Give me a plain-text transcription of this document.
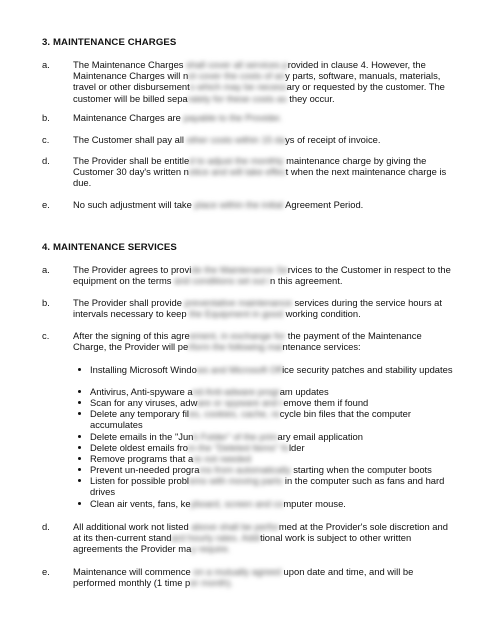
3. MAINTENANCE CHARGES
a. The Maintenance Charges shall cover all services provided in clause 4. However, the Maintenance Charges will not cover the costs of any parts, software, manuals, materials, travel or other disbursements which may be necessary or requested by the customer. The customer will be billed separately for these costs as they occur.
b. Maintenance Charges are payable to the Provider.
c.	The Customer shall pay all other costs within 15 days of receipt of invoice.
d. The Provider shall be entitled to adjust the monthly maintenance charge by giving the Customer 30 day's written notice and will take effect when the next maintenance charge is due.
e. No such adjustment will take place within the initial Agreement Period.
4. MAINTENANCE SERVICES
a. The Provider agrees to provide the Maintenance Services to the Customer in respect to the equipment on the terms and conditions set out in this agreement.
b. The Provider shall provide preventative maintenance services during the service hours at intervals necessary to keep the Equipment in good working condition.
c.	After the signing of this agreement, in exchange for the payment of the Maintenance Charge, the Provider will perform the following maintenance services:
Installing Microsoft Windows and Microsoft Office security patches and stability updates
Antivirus, Anti-spyware and Anti-adware program updates
Scan for any viruses, adware or spyware and remove them if found
Delete any temporary files, cookies, cache, recycle bin files that the computer accumulates
Delete emails in the "Junk Folder" of the primary email application
Delete oldest emails from the "Deleted Items" folder
Remove programs that are not needed
Prevent un-needed programs from automatically starting when the computer boots
Listen for possible problems with moving parts in the computer such as fans and hard drives
Clean air vents, fans, keyboard, screen and computer mouse.
d. All additional work not listed above shall be performed at the Provider's sole discretion and at its then-current standard hourly rates. Additional work is subject to other written agreements the Provider may require.
e. Maintenance will commence on a mutually agreed upon date and time, and will be performed monthly (1 time per month).
